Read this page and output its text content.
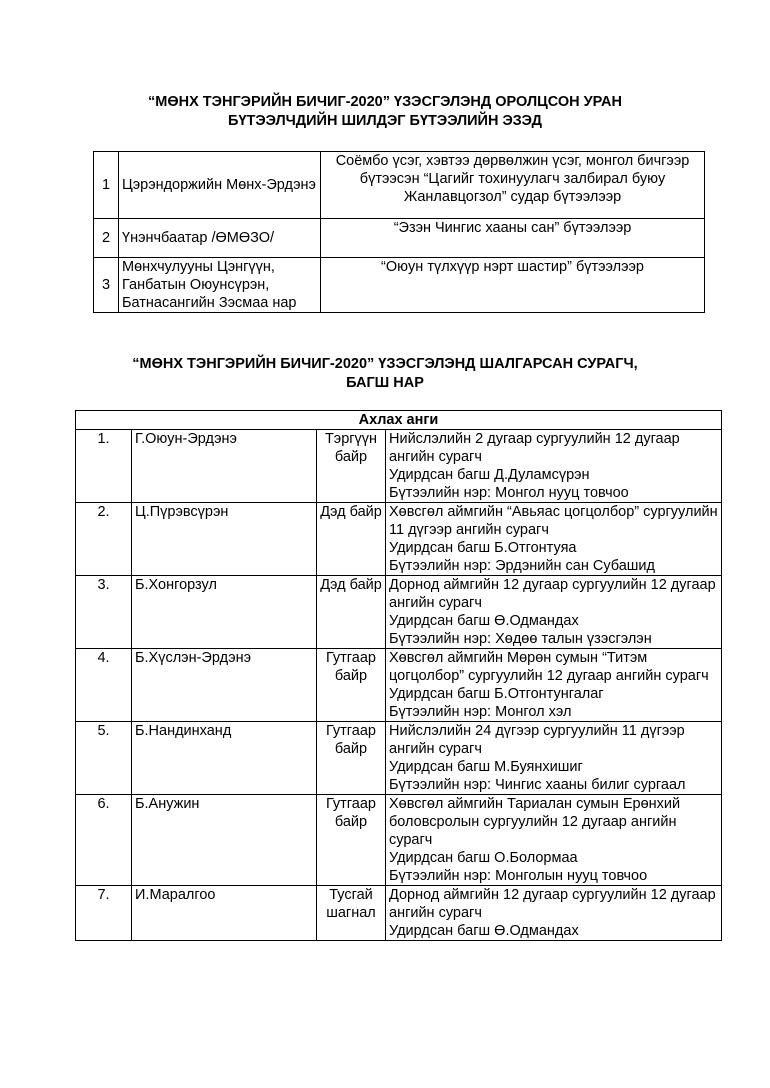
“МӨНХ ТЭНГЭРИЙН БИЧИГ-2020” ҮЗЭСГЭЛЭНД ОРОЛЦСОН УРАН
БҮТЭЭЛЧДИЙН ШИЛДЭГ БҮТЭЭЛИЙН ЭЗЭД
1	Цэрэндоржийн Мөнх-Эрдэнэ	Соёмбо үсэг, хэвтээ дөрвөлжин үсэг, монгол бичгээр бүтээсэн “Цагийг тохинуулагч залбирал буюу Жанлавцогзол” судар бүтээлээр
2	Үнэнчбаатар /ӨМӨЗО/	“Эзэн Чингис хааны сан” бүтээлээр
3	Мөнхчулууны Цэнгүүн, Ганбатын Оюунсүрэн, Батнасангийн Зэсмаа нар	“Оюун түлхүүр нэрт шастир” бүтээлээр
“МӨНХ ТЭНГЭРИЙН БИЧИГ-2020” ҮЗЭСГЭЛЭНД ШАЛГАРСАН СУРАГЧ,
БАГШ НАР
Ахлах анги			
1.	Г.Оюун-Эрдэнэ	Тэргүүн байр	Нийслэлийн 2 дугаар сургуулийн 12 дугаар ангийн сурагч
Удирдсан багш Д.Дуламсүрэн
Бүтээлийн нэр: Монгол нууц товчоо

2.	Ц.Пүрэвсүрэн	Дэд байр	Хөвсгөл аймгийн “Авьяас цогцолбор” сургуулийн 11 дүгээр ангийн сурагч
Удирдсан багш Б.Отгонтуяа
Бүтээлийн нэр: Эрдэнийн сан Субашид

3.	Б.Хонгорзул	Дэд байр	Дорнод аймгийн 12 дугаар сургуулийн 12 дугаар ангийн сурагч
Удирдсан багш Ө.Одмандах
Бүтээлийн нэр: Хөдөө талын үзэсгэлэн

4.	Б.Хүслэн-Эрдэнэ	Гутгаар байр	Хөвсгөл аймгийн Мөрөн сумын “Титэм цогцолбор” сургуулийн 12 дугаар ангийн сурагч
Удирдсан багш Б.Отгонтунгалаг
Бүтээлийн нэр: Монгол хэл

5.	Б.Нандинханд	Гутгаар байр	Нийслэлийн 24 дүгээр сургуулийн 11 дүгээр ангийн сурагч
Удирдсан багш М.Буянхишиг
Бүтээлийн нэр: Чингис хааны билиг сургаал

6.	Б.Анужин	Гутгаар байр	Хөвсгөл аймгийн Тариалан сумын Ерөнхий боловсролын сургуулийн 12 дугаар ангийн сурагч
Удирдсан багш О.Болормаа
Бүтээлийн нэр: Монголын нууц товчоо

7.	И.Маралгоо	Тусгай шагнал	Дорнод аймгийн 12 дугаар сургуулийн 12 дугаар ангийн сурагч
Удирдсан багш Ө.Одмандах
